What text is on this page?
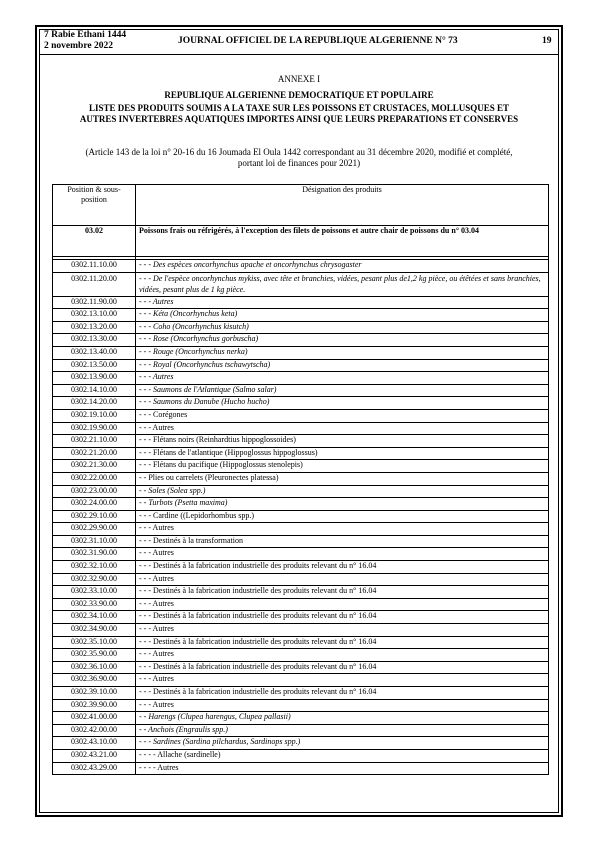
7 Rabie Ethani 1444
2 novembre 2022	JOURNAL OFFICIEL DE LA REPUBLIQUE ALGERIENNE N° 73	19
ANNEXE I
REPUBLIQUE ALGERIENNE DEMOCRATIQUE ET POPULAIRE
LISTE DES PRODUITS SOUMIS A LA TAXE SUR LES POISSONS ET CRUSTACES, MOLLUSQUES ET AUTRES INVERTEBRES AQUATIQUES IMPORTES AINSI QUE LEURS PREPARATIONS ET CONSERVES
(Article 143 de la loi n° 20-16 du 16 Joumada El Oula 1442 correspondant au 31 décembre 2020, modifié et complété, portant loi de finances pour 2021)
Position & sous-position	Désignation des produits
03.02	Poissons frais ou réfrigérés, à l'exception des filets de poissons et autre chair de poissons du n° 03.04

0302.11.10.00	- - - Des espèces oncorhynchus apache et oncorhynchus chrysogaster
0302.11.20.00	- - - De l'espèce oncorhynchus mykiss, avec tête et branchies, vidées, pesant plus de1,2 kg pièce, ou étêtées et sans branchies, vidées, pesant plus de 1 kg pièce.
0302.11.90.00	- - - Autres
0302.13.10.00	- - - Kéta (Oncorhynchus keta)
0302.13.20.00	- - - Coho (Oncorhynchus kisutch)
0302.13.30.00	- - - Rose (Oncorhynchus gorbuscha)
0302.13.40.00	- - - Rouge (Oncorhynchus nerka)
0302.13.50.00	- - - Royal (Oncorhynchus tschawytscha)
0302.13.90.00	- - - Autres
0302.14.10.00	- - - Saumons de l'Atlantique (Salmo salar)
0302.14.20.00	- - - Saumons du Danube (Hucho hucho)
0302.19.10.00	- - - Corégones
0302.19.90.00	- - - Autres
0302.21.10.00	- - - Flétans noirs (Reinhardtius hippoglossoides)
0302.21.20.00	- - - Flétans de l'atlantique (Hippoglossus hippoglossus)
0302.21.30.00	- - - Flétans du pacifique (Hippoglossus stenolepis)
0302.22.00.00	- - Plies ou carrelets (Pleuronectes platessa)
0302.23.00.00	- - Soles (Solea spp.)
0302.24.00.00	- - Turbots (Psetta maxima)
0302.29.10.00	- - - Cardine ((Lepidorhombus spp.)
0302.29.90.00	- - - Autres
0302.31.10.00	- - - Destinés à la transformation
0302.31.90.00	- - - Autres
0302.32.10.00	- - - Destinés à la fabrication industrielle des produits relevant du n° 16.04
0302.32.90.00	- - - Autres
0302.33.10.00	- - - Destinés à la fabrication industrielle des produits relevant du n° 16.04
0302.33.90.00	- - - Autres
0302.34.10.00	- - - Destinés à la fabrication industrielle des produits relevant du n° 16.04
0302.34.90.00	- - - Autres
0302.35.10.00	- - - Destinés à la fabrication industrielle des produits relevant du n° 16.04
0302.35.90.00	- - - Autres
0302.36.10.00	- - - Destinés à la fabrication industrielle des produits relevant du n° 16.04
0302.36.90.00	- - - Autres
0302.39.10.00	- - - Destinés à la fabrication industrielle des produits relevant du n° 16.04
0302.39.90.00	- - - Autres
0302.41.00.00	- - Harengs (Clupea harengus, Clupea pallasii)
0302.42.00.00	- - Anchois (Engraulis spp.)
0302.43.10.00	- - - Sardines (Sardina pilchardus, Sardinops spp.)
0302.43.21.00	- - - - Allache (sardinelle)
0302.43.29.00	- - - - Autres
